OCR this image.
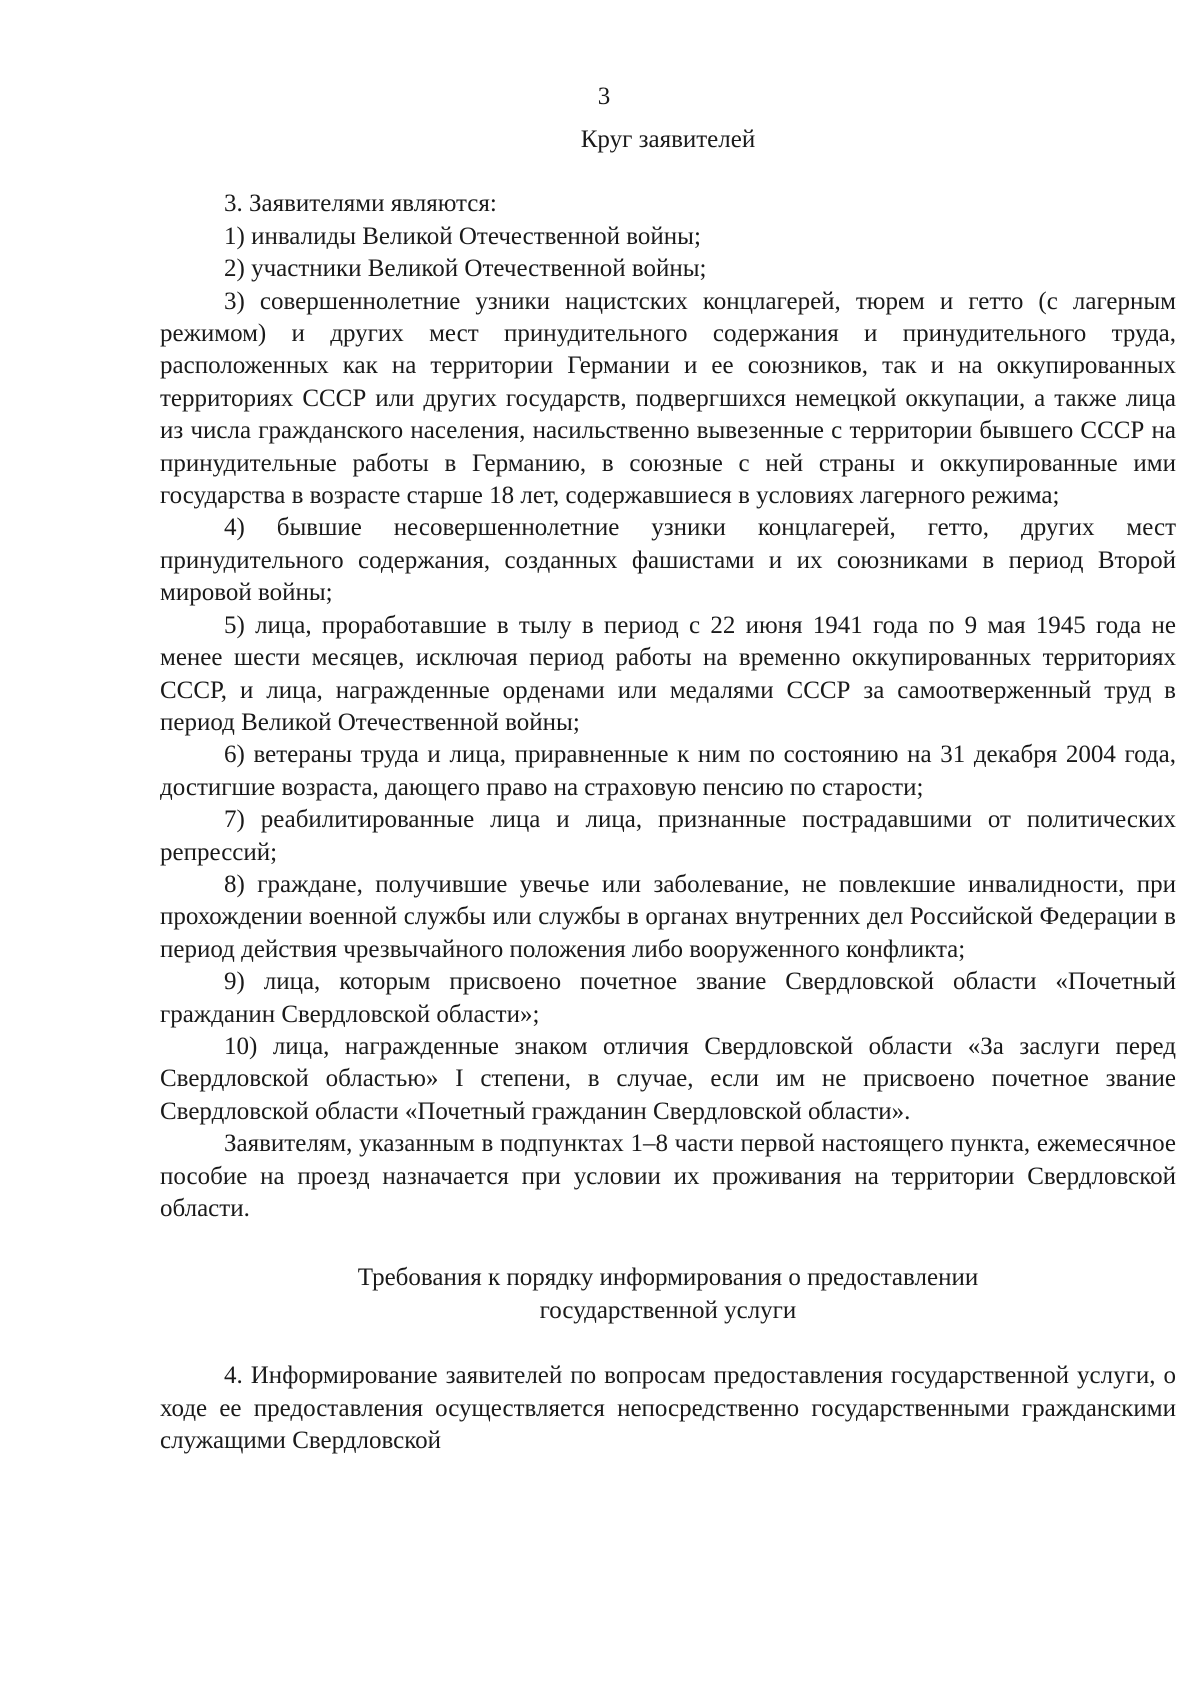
3

Круг заявителей

3. Заявителями являются:

1) инвалиды Великой Отечественной войны;

2) участники Великой Отечественной войны;

3) совершеннолетние узники нацистских концлагерей, тюрем и гетто (с лагерным режимом) и других мест принудительного содержания и принудительного труда, расположенных как на территории Германии и ее союзников, так и на оккупированных территориях СССР или других государств, подвергшихся немецкой оккупации, а также лица из числа гражданского населения, насильственно вывезенные с территории бывшего СССР на принудительные работы в Германию, в союзные с ней страны и оккупированные ими государства в возрасте старше 18 лет, содержавшиеся в условиях лагерного режима;

4) бывшие несовершеннолетние узники концлагерей, гетто, других мест принудительного содержания, созданных фашистами и их союзниками в период Второй мировой войны;

5) лица, проработавшие в тылу в период с 22 июня 1941 года по 9 мая 1945 года не менее шести месяцев, исключая период работы на временно оккупированных территориях СССР, и лица, награжденные орденами или медалями СССР за самоотверженный труд в период Великой Отечественной войны;

6) ветераны труда и лица, приравненные к ним по состоянию на 31 декабря 2004 года, достигшие возраста, дающего право на страховую пенсию по старости;

7) реабилитированные лица и лица, признанные пострадавшими от политических репрессий;

8) граждане, получившие увечье или заболевание, не повлекшие инвалидности, при прохождении военной службы или службы в органах внутренних дел Российской Федерации в период действия чрезвычайного положения либо вооруженного конфликта;

9) лица, которым присвоено почетное звание Свердловской области «Почетный гражданин Свердловской области»;

10) лица, награжденные знаком отличия Свердловской области «За заслуги перед Свердловской областью» I степени, в случае, если им не присвоено почетное звание Свердловской области «Почетный гражданин Свердловской области».

Заявителям, указанным в подпунктах 1–8 части первой настоящего пункта, ежемесячное пособие на проезд назначается при условии их проживания на территории Свердловской области.

Требования к порядку информирования о предоставлении
государственной услуги

4. Информирование заявителей по вопросам предоставления государственной услуги, о ходе ее предоставления осуществляется непосредственно государственными гражданскими служащими Свердловской
